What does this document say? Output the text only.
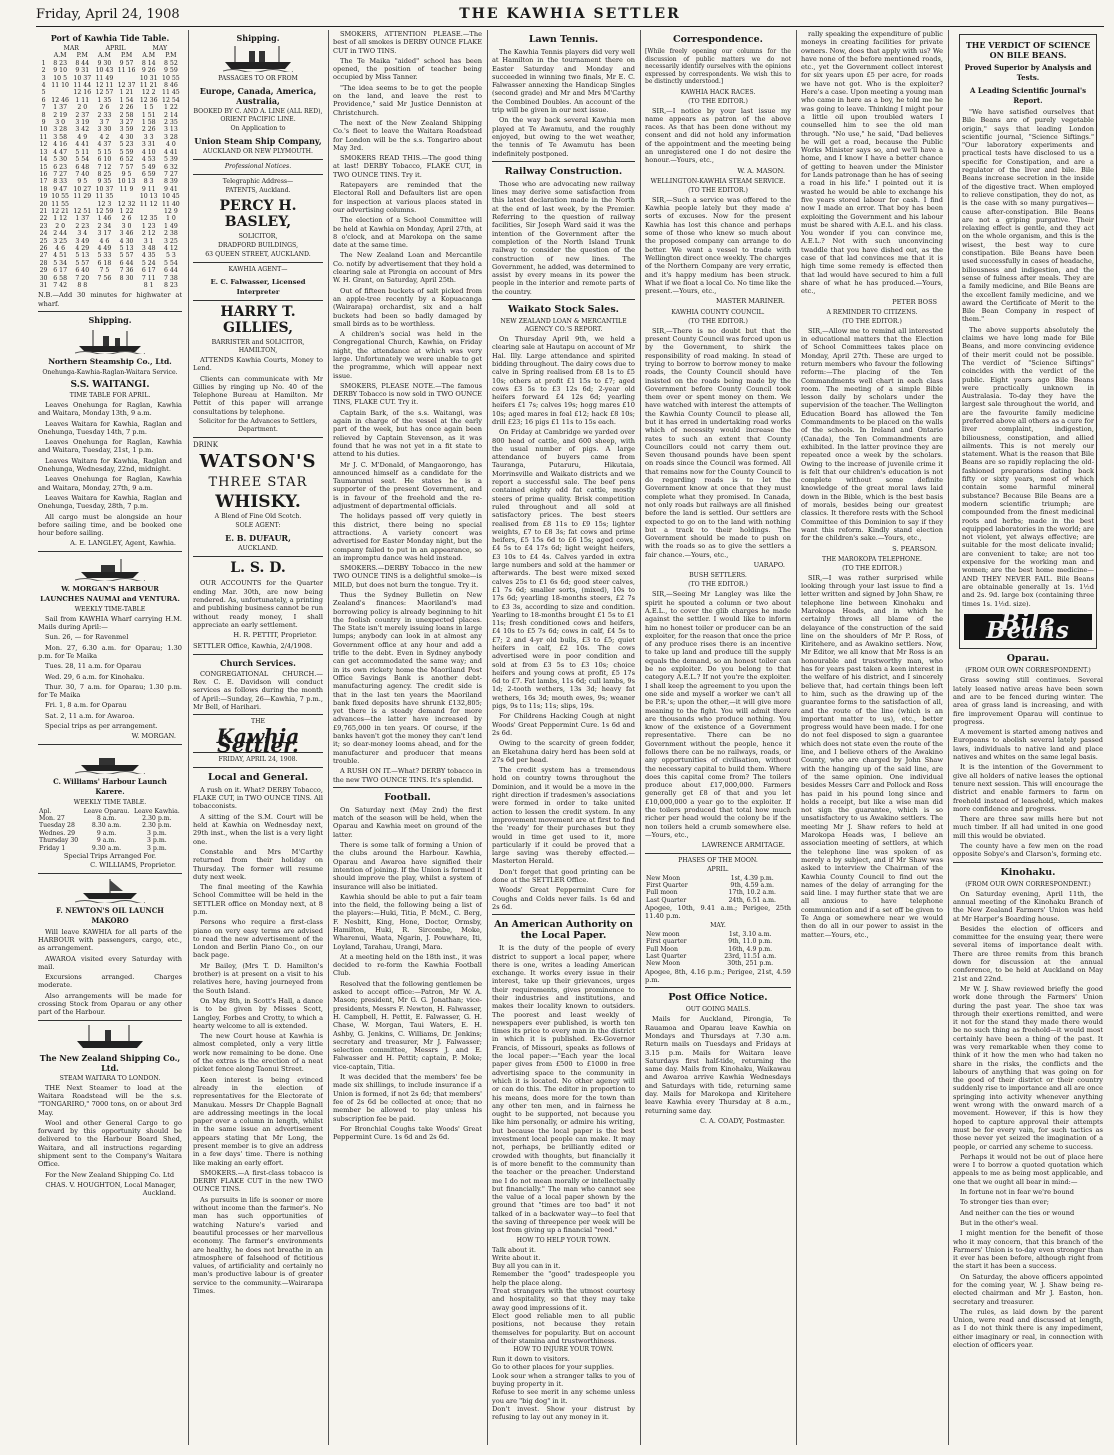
Friday, April 24, 1908	THE KAWHIA SETTLER
Port of Kawhia Tide Table.
	MAR		APRIL		MAY	
	A.M	P.M	A.M	P.M	A.M	P.M
1	8 23	8 44	9 30	9 57	8 14	8 52
2	9 10	9 31	10 43	11 16	9 26	9 59
3	10 5	10 37	11 49		10 31	10 55
4	11 10	11 44	12 11	12 37	11 21	8 46
5		12 16	12 57	1 21	12 2	11 45
6	12 46	1 11	1 35	1 54	12 36	12 54
7	1 37	2 0	2 6	2 26	1 5	1 22
8	2 19	2 37	2 33	2 58	1 51	2 14
9	3 0	3 19	3 7	3 27	1 58	2 35
10	3 28	3 42	3 30	3 59	2 26	3 13
11	3 58	4 9	4 2	4 30	3 3	3 28
12	4 16	4 41	4 37	5 23	3 31	4 0
13	4 47	5 11	5 15	5 59	4 10	4 41
14	5 30	5 54	6 10	6 52	4 53	5 39
15	6 23	6 48	7 12	7 57	5 49	6 32
16	7 27	7 40	8 25	9 5	6 59	7 27
17	8 33	9 5	9 35	10 13	8 3	8 39
18	9 47	10 27	10 37	11 9	9 11	9 41
19	10 55	11 29	11 35		10 13	10 45
20	11 55		12 3	12 32	11 12	11 40
21	12 21	12 51	12 59	1 22		12 9
22	1 12	1 37	1 46	2 6	12 35	1 0
23	2 0	2 23	2 34	3 0	1 23	1 49
24	2 44	3 4	3 17	3 46	2 12	2 38
25	3 25	3 49	4 6	4 30	3 1	3 25
26	4 6	4 29	4 49	5 13	3 48	4 12
27	4 51	5 13	5 33	5 57	4 35	5 3
28	5 34	5 57	6 18	6 44	5 24	5 54
29	6 17	6 40	7 5	7 36	6 17	6 44
30	6 58	7 20	7 56	8 30	7 11	7 38
31	7 42	8 8			8 1	8 23
N.B.—Add 30 minutes for highwater at wharf.
Shipping.
Northern Steamship Co., Ltd.
Onehunga-Kawhia-Raglan-Waitara Service.
S.S. WAITANGI.
TIME TABLE FOR APRIL.

Leaves Onehunga for Raglan, Kawhia and Waitara, Monday 13th, 9 a.m.

Leaves Waitara for Kawhia, Raglan and Onehunga, Tuesday 14th, 7 p.m.

Leaves Onehunga for Raglan, Kawhia and Waitara, Tuesday, 21st, 1 p.m.

Leaves Waitara for Kawhia, Raglan and Onehunga, Wednesday, 22nd, midnight.

Leaves Onehunga for Raglan, Kawhia and Waitara, Monday, 27th, 9 a.m.

Leaves Waitara for Kawhia, Raglan and Onehunga, Tuesday, 28th, 7 p.m.

All cargo must be alongside an hour before sailing time, and be booked one hour before sailing.

A. E. LANGLEY, Agent, Kawhia.
W. MORGAN'S HARBOUR LAUNCHES NAUMAI and VENTURA.
WEEKLY TIME-TABLE

Sail from KAWHIA Wharf carrying H.M. Mails during April:—

Sun. 26, — for Ravenmel

Mon. 27, 6.30 a.m. for Oparau; 1.30 p.m. for Te Maika

Tues. 28, 11 a.m. for Oparau

Wed. 29, 6 a.m. for Kinohaku.

Thur. 30, 7 a.m. for Oparau; 1.30 p.m. for Te Maika

Fri. 1, 8 a.m. for Oparau

Sat. 2, 11 a.m. for Awaroa.

Special trips as per arrangement.

W. MORGAN.
C. Williams' Harbour Launch Karere.
WEEKLY TIME TABLE.
Apl.	Leave Oparau.	Leave Kawhia.
Mon. 27	8 a.m.	2.30 p.m.
Tuesday 28	8.30 a.m.	2.30 p.m.
Wednes. 29	9 a.m.	3 p.m.
Thursday 30	9 a.m.	3 p.m.
Friday 1	9.30 a.m.	3 p.m.
Special Trips Arranged For.
C. WILLIAMS, Proprietor.
F. NEWTON'S OIL LAUNCH MAKORO

Will leave KAWHIA for all parts of the HARBOUR with passengers, cargo, etc., as arrangement.

AWAROA visited every Saturday with mail.

Excursions arranged. Charges moderate.

Also arrangements will be made for crossing Stock from Oparau or any other part of the Harbour.

The New Zealand Shipping Co., Ltd.
STEAM WAITARA TO LONDON.

THE Next Steamer to load at the Waitara Roadstead will be the s.s. "TONGARIRO," 7000 tons, on or about 3rd May.

Wool and other General Cargo to go forward by this opportunity should be delivered to the Harbour Board Shed, Waitara, and all instructions regarding shipment sent to the Company's Waitara Office.

For the New Zealand Shipping Co. Ltd

CHAS. V. HOUGHTON, Local Manager, Auckland.
Shipping.
PASSAGES TO OR FROM
Europe, Canada, America, Australia,
BOOKED BY C. AND A. LINE (ALL RED), ORIENT PACIFIC LINE.
On Application to
Union Steam Ship Company,
AUCKLAND OR NEW PLYMOUTH.
Professional Notices.
Telegraphic Address—
PATENTS, Auckland.
PERCY H. BASLEY,
SOLICITOR,
DRADFORD BUILDINGS,
63 QUEEN STREET, AUCKLAND.
KAWHIA AGENT—
E. C. Falwasser, Licensed Interpreter
HARRY T. GILLIES,
BARRISTER and SOLICITOR, HAMILTON,

ATTENDS Kawhia Courts, Money to Lend.

Clients can communicate with Mr Gillies by ringing up No. 40 of the Telephone Bureau at Hamilton. Mr Pettit of this paper will arrange consultations by telephone.

Solicitor for the Advances to Settlers, Department.
DRINK
WATSON'S
THREE STAR
WHISKY.
A Blend of Fine Old Scotch.
SOLE AGENT:
E. B. DUFAUR,
AUCKLAND.
L. S. D.

OUR ACCOUNTS for the Quarter ending Mar. 30th, are now being rendered. As, unfortunately, a printing and publishing business cannot be run without ready money, I shall appreciate an early settlement.

H. R. PETTIT, Proprietor.
SETTLER Office, Kawhia, 2/4/1908.
Church Services.

CONGREGATIONAL CHURCH.—Rev. C. E. Davidson will conduct services as follows during the month of April:—Sunday, 26—Kawhia, 7 p.m., Mr Bell, of Harihari.

THE
Kawhia Settler.
FRIDAY, APRIL 24, 1908.
Local and General.

A rush on it. What? DERBY Tobacco, FLAKE CUT, in TWO OUNCE TINS. All tobacconists.

A sitting of the S.M. Court will be held at Kawhia on Wednesday next, 29th inst., when the list is a very light one.

Constable and Mrs M'Carthy returned from their holiday on Thursday. The former will resume duty next week.

The final meeting of the Kawhia School Committee will be held in the SETTLER office on Monday next, at 8 p.m.

Persons who require a first-class piano on very easy terms are advised to read the new advertisement of the London and Berlin Piano Co., on our back page.

Mr Bailey, (Mrs T. D. Hamilton's brother) is at present on a visit to his relatives here, having journeyed from the South Island.

On May 8th, in Scott's Hall, a dance is to be given by Misses Scott, Langley, Forbes and Crotty, to which a hearty welcome to all is extended.

The new Court house at Kawhia is almost completed, only a very little work now remaining to be done. One of the extras is the erection of a neat picket fence along Taonui Street.

Keen interest is being evinced already in the election of representatives for the Electorate of Manukau. Messrs Dr Chapple Bagnall are addressing meetings in the local paper over a column in length, whilst in the same issue an advertisement appears stating that Mr Long, the present member is to give an address in a few days' time. There is nothing like making an early effort.

SMOKERS.—A first-class tobacco is DERBY FLAKE CUT in the new TWO OUNCE TINS.

As pursuits in life is sooner or more without income than the farmer's. No man has such opportunities of watching Nature's varied and beautiful processes or her marvellous economy. The farmer's environments are healthy, he does not breathe in an atmosphere of falsehood of fictitious values, of artificiality and certainly no man's productive labour is of greater service to the community.—Wairarapa Times.

SMOKERS, ATTENTION PLEASE.—The best of all smokes is DERBY OUNCE FLAKE CUT in TWO TINS.

The Te Maika "aided" school has been opened, the position of teacher being occupied by Miss Tanner.

"The idea seems to be to get the people on the land, and leave the rest to Providence," said Mr Justice Denniston at Christchurch.

The next of the New Zealand Shipping Co.'s fleet to leave the Waitara Roadstead for London will be the s.s. Tongariro about May 3rd.

SMOKERS READ THIS.—The good thing at last! DERBY Tobacco, FLAKE CUT, in TWO OUNCE TINS. Try it.

Ratepayers are reminded that the Electoral Roll and Defaulters list are open for inspection at various places stated in our advertising columns.

The election of a School Committee will be held at Kawhia on Monday, April 27th, at 8 o'clock, and at Marokopa on the same date at the same time.

The New Zealand Loan and Mercantile Co. notify by advertisement that they hold a clearing sale at Pirongia on account of Mrs W. H. Grant, on Saturday, April 25th.

Out of fifteen buckets of salt picked from an apple-tree recently by a Kopuacanga (Wairarapa) orchardist, six and a half buckets had been so badly damaged by small birds as to be worthless.

A children's social was held in the Congregational Church, Kawhia, on Friday night, the attendance at which was very large. Unfortunately we were unable to get the programme, which will appear next issue.

SMOKERS, PLEASE NOTE.—The famous DERBY Tobacco is now sold in TWO OUNCE TINS, FLAKE CUT. Try it.

Captain Bark, of the s.s. Waitangi, was again in charge of the vessel at the early part of the week, but has once again been relieved by Captain Stevenson, as it was found that he was not yet in a fit state to attend to his duties.

Mr J. C. M'Donald, of Mangaorongo, has announced himself as a candidate for the Taumarunui seat. He states he is a supporter of the present Government, and is in favour of the freehold and the re-adjustment of departmental officials.

The holidays passed off very quietly in this district, there being no special attractions. A variety concert was advertised for Easter Monday night, but the company failed to put in an appearance, so an impromptu dance was held instead.

SMOKERS.—DERBY Tobacco in the new TWO OUNCE TINS is a delightful smoke—is MILD, but does not burn the tongue. Try it.

Thus the Sydney Bulletin on New Zealand's finances: Maoriland's mad borrowing policy is already beginning to hit the foolish country in unexpected places. The State isn't merely issuing loans in large lumps; anybody can look in at almost any Government office at any hour and add a trifle to the debt. Even in Sydney anybody can get accommodated the same way; and in its own rickety home the Maoriland Post Office Savings Bank is another debt-manufacturing agency. The credit side is that in the last ten years the Maoriland bank fixed deposits have shrunk £132,805; yet there is a steady demand for more advances—the latter have increased by £9,765,000 in ten years. Of course, if the banks haven't got the money they can't lend it; so dear-money looms ahead, and for the manufacturer and producer that means trouble.

A RUSH ON IT.—What? DERBY tobacco in the new TWO OUNCE TINS. It's splendid.

Football.

On Saturday next (May 2nd) the first match of the season will be held, when the Oparau and Kawhia meet on ground of the latter.

There is some talk of forming a Union of the clubs around the Harbour. Kawhia, Oparau and Awaroa have signified their intention of joining. If the Union is formed it should improve the play, whilst a system of insurance will also be initiated.

Kawhia should be able to put a fair team into the field, the following being a list of the players:—Huki, Titia, P. McM., C. Berg, F. Nesbitt, King, Hone, Doctor, Ormsby, Hamilton, Huki, R. Sircombe, Moke, Wharenui, Waata, Ngarin, J. Pouwhare, Iti, Loyland, Tarahau, Urangi, Mara.

At a meeting held on the 18th inst., it was decided to re-form the Kawhia Football Club.

Resolved that the following gentlemen be asked to accept office:—Patron, Mr W. A. Mason; president, Mr G. G. Jonathan; vice-presidents, Messrs F. Newton, H. Falwasser, H. Campbell, H. Pettit, E. Falwasser, G. H. Chase, W. Morgan, Taui Waters, E. H. Ashby, G. Jenkins, C. Williams, Dr. Jenkins; secretary and treasurer, Mr J. Falwasser; selection committee, Messrs J. and E. Falwasser and H. Pettit; captain, P. Moke; vice-captain, Titia.

It was decided that the members' fee be made six shillings, to include insurance if a Union is formed, if not 2s 6d; that members' fee of 2s 6d be collected at once; that no member be allowed to play unless his subscription fee be paid.

For Bronchial Coughs take Woods' Great Peppermint Cure. 1s 6d and 2s 6d.

Lawn Tennis.

The Kawhia Tennis players did very well at Hamilton in the tournament there on Easter Saturday and Monday and succeeded in winning two finals, Mr E. C. Falwasser annexing the Handicap Singles (second grade) and Mr and Mrs M'Carthy the Combined Doubles. An account of the trip will be given in our next issue.

On the way back several Kawhia men played at Te Awamutu, and the roughly enjoyed, but owing to the wet weather, the tennis of Te Awamutu has been indefinitely postponed.

Railway Construction.

Those who are advocating new railway lines may derive some satisfaction from this latest declaration made in the North at the end of last week, by the Premier. Referring to the question of railway facilities, Sir Joseph Ward said it was the intention of the Government after the completion of the North Island Trunk railway to consider the question of the construction of new lines. The Government, he added, was determined to assist by every means in its power the people in the interior and remote parts of the country.

Waikato Stock Sales.
NEW ZEALAND LOAN & MERCANTILE AGENCY CO.'S REPORT.

On Thursday April 9th, we held a clearing sale at Hautapu on account of Mr Hal. Illy. Large attendance and spirited bidding throughout. The dairy cows due to calve in Spring realised from £8 1s to £5 10s; others at profit £1 15s to £7; aged cows £3 5s to £3 12s 6d; 2-year old heifers forward £4 12s 6d; yearling heifers £1 7s; calves 19s; hogg mares £10 10s; aged mares in foal £12; hack £8 10s; drill £23; 16 pigs £1 11s to 15s each.

On Friday at Cambridge we yarded over 800 head of cattle, and 600 sheep, with the usual number of pigs. A large attendance of buyers came from Tauranga, Putaruru, Hikutaia, Morrinsville and Waikato districts and we report a successful sale. The beef pens contained eighty odd fat cattle, mostly steers of prime quality. Brisk competition ruled throughout and all sold at satisfactory prices. The best steers realised from £8 11s to £9 15s; lighter weights, £7 to £8 3s; fat cows and prime heifers, £5 15s 6d to £6 15s; aged cows, £4 5s to £4 17s 6d; light weight heifers, £3 10s to £4 4s. Calves yarded in extra large numbers and sold at the hammer or afterwards. The best were mixed sexed calves 25s to £1 6s 6d; good steer calves, £1 7s 6d; smaller sorts, (mixed), 10s to 17s 6d; yearling 18-months steers, £2 7s to £3 3s, according to size and condition. Yearling to 18-months brought £1 5s to £1 11s; fresh conditioned cows and heifers, £4 10s to £5 7s 6d; cows in calf, £4 5s to £7; 2 and 4-yr old bulls, £3 to £5; quiet heifers in calf, £2 10s. The cows advertised were in poor condition and sold at from £3 5s to £3 10s; choice heifers and young cows at profit, £5 17s 6d to £7. Fat lambs, 11s 6d; cull lambs, 9s 1d; 2-tooth wethers, 13s 3d; heavy fat wethers, 16s 3d; mouth ewes, 9s; weaner pigs, 9s to 11s; 11s; slips, 19s.

For Childrens Hacking Cough at night Woods' Great Peppermint Cure. 1s 6d and 2s 6d.

Owing to the scarcity of green fodder, an Eketahuna dairy herd has been sold at 27s 6d per head.

The credit system has a tremendous hold on country towns throughout the Dominion, and it would be a move in the right direction if tradesmen's associations were formed in order to take united action to lessen the credit system. In any improvement movement are at first to find the 'ready' for their purchases but they would in time get used to it, more particularly if it could be proved that a large saving was thereby effected.—Masterton Herald.

Don't forget that good printing can be done at the SETTLER Office.

Woods' Great Peppermint Cure for Coughs and Colds never fails. 1s 6d and 2s 6d.

An American Authority on the Local Paper.

It is the duty of the people of every district to support a local paper, where there is one, writes a leading American exchange. It works every issue in their interest, take up their grievances, urges their requirements, gives prominence to their industries and institutions, and makes their locality known to outsiders. The poorest and least weekly of newspapers ever published, is worth ten times its price to every man in the district in which it is published. Ex-Governor Francis, of Missouri, speaks as follows of the local paper:—"Each year the local paper gives from £500 to £1000 in free advertising space to the community in which it is located. No other agency will or can do this. The editor in proportion to his means, does more for the town than any other ten men, and in fairness he ought to be supported, not because you like him personally, or admire his writing, but because the local paper is the best investment local people can make. It may not, perhaps, be brilliantly edited or crowded with thoughts, but financially it is of more benefit to the community than the teacher or the preacher. Understand me I do not mean morally or intellectually but financially." The man who cannot see the value of a local paper shown by the ground that "times are too bad" it not talked of in a backwater way—to feel that the saving of threepence per week will be lost from giving up a financial "reed."

HOW TO HELP YOUR TOWN.
Talk about it.
Write about it.
Buy all you can in it.
Remember the "good" tradespeople you help the place along.
Treat strangers with the utmost courtesy and hospitality, so that they may take away good impressions of it.
Elect good reliable men to all public positions, not because they retain themselves for popularity. But on account of their stamina and trustworthiness.
HOW TO INJURE YOUR TOWN.
Run it down to visitors.
Go to other places for your supplies.
Look sour when a stranger talks to you of buying property in it.
Refuse to see merit in any scheme unless you are "big dog" in it.
Don't invest. Show your distrust by refusing to lay out any money in it.
Correspondence.
[While freely opening our columns for the discussion of public matters we do not necessarily identify ourselves with the opinions expressed by correspondents. We wish this to be distinctly understood.]
KAWHIA HACK RACES.
(TO THE EDITOR.)

SIR,—I notice by your last issue my name appears as patron of the above races. As that has been done without my consent and did not hold any information of the appointment and the meeting being an unregistered one I do not desire the honour.—Yours, etc.,

W. A. MASON.
WELLINGTON-KAWHIA STEAM SERVICE.
(TO THE EDITOR.)

SIR,—Such a service was offered to the Kawhia people lately but they made a' sorts of excuses. Now for the present Kawhia has lost this chance and perhaps some of those who knew so much about the proposed company can arrange to do better. We want a vessel to trade with Wellington direct once weekly. The charges of the Northern Company are very erratic, and it's happy medium has been struck. What if we float a local Co. No time like the present.—Yours, etc.,

MASTER MARINER.
KAWHIA COUNTY COUNCIL.
(TO THE EDITOR.)

SIR,—There is no doubt but that the present County Council was forced upon us by the Government, to shirk the responsibility of road making. In stead of trying to borrow to borrow money to make roads, the County Council should have insisted on the roads being made by the Government before County Council took them over or spent money on them. We have watched with interest the attempts of the Kawhia County Council to please all, but it has erred in undertaking road works which of necessity would increase the rates to such an extent that County Councillors could not carry them out. Seven thousand pounds have been spent on roads since the Council was formed. All that remains now for the County Council to do regarding roads is to let the Government know at once that they must complete what they promised. In Canada, not only roads but railways are all finished before the land is settled. Our settlers are expected to go on to the land with nothing but a track to their holdings. The Government should be made to push on with the roads so as to give the settlers a fair chance.—Yours, etc.,

UARAPO.
BUSH SETTLERS.
(TO THE EDITOR.)

SIR,—Seeing Mr Langley was like the spirit he spouted a column or two about A.E.L., to cover the glib charges he made against the settler. I would like to inform him no honest toiler or producer can be an exploiter, for the reason that once the price of any produce rises there is an incentive to take up land and produce till the supply equals the demand, so an honest toiler can be no exploiter. Do you belong to that category A.E.L.? If not you're the exploiter. I shall keep the agreement to you upon the one side and myself a worker we can't all be P.R.'s; upon the other,—it will give more meaning to the fight. You will admit there are thousands who produce nothing. You know of the existence of a Government representative. There can be no Government without the people, hence it follows there can be no railways, roads, or any opportunities of civilisation, without the necessary capital to build them. Where does this capital come from? The toilers produce about £17,000,000. Farmers generally get £8 of that and you let £10,000,000 a year go to the exploiter. If the toilers produced that total how much richer per head would the colony be if the non toilers held a crumb somewhere else.—Yours, etc.,

LAWRENCE ARMITAGE.
PHASES OF THE MOON.
APRIL.
New Moon	1st, 4.39 p.m.
First Quarter	9th, 4.59 a.m.
Full moon	17th, 10.2 a.m.
Last Quarter	24th, 6.51 a.m.
Apogee, 10th, 9.41 a.m.; Perigee, 25th 11.40 p.m.
MAY.
New moon	1st, 3.10 a.m.
First quarter	9th, 11.0 p.m.
Full Moon	16th, 4.9 p.m.
Last Quarter	23rd, 11.51 a.m.
New Moon	30th, 251 p.m.
Apogee, 8th, 4.16 p.m.; Perigee, 21st, 4.59 p.m.
Post Office Notice.
OUT GOING MAILS.

Mails for Auckland, Pirongia, Te Rauamoa and Oparau leave Kawhia on Mondays and Thursdays at 7.30 a.m. Return mails on Tuesdays and Fridays at 3.15 p.m. Mails for Waitara leave Saturdays first half-tide, returning the same day. Mails from Kinohaku, Waikawau and Awaroa arrive Kawhia Wednesdays and Saturdays with tide, returning same day. Mails for Marokopa and Kiritehere leave Kawhia every Thursday at 8 a.m., returning same day.

C. A. COADY, Postmaster.

rally speaking the expenditure of public moneys in creating facilities for private owners. Now, does that apply with us? We have none of the before mentioned roads, etc., yet the Government collect interest for six years upon £5 per acre, for roads we have not got. Who is the exploiter? Here's a case. Upon meeting a young man who came in here as a boy, he told me he was going to leave. Thinking I might pour a little oil upon troubled waters I counselled him to see the old man through. "No use," he said, "Dad believes he will get a road, because the Public Works Minister says so, and we'll have a home, and I know I have a better chance of getting to heaven under the Minister for Lands patronage than he has of seeing a road in his life." I pointed out it is wasted he would be able to exchange his five years stored labour for cash. I find now I made an error. That boy has been exploiting the Government and his labour must be shared with A.E.L. and his class. You wonder if you can convince me, A.E.L.? Not with such unconvincing twaddle that you have dished out, as the case of that lad convinces me that it is high time some remedy is effected then that lad would have secured to him a full share of what he has produced.—Yours, etc.,

PETER BOSS
A REMINDER TO CITIZENS.
(TO THE EDITOR.)

SIR,—Allow me to remind all interested in educational matters that the Election of School Committees takes place on Monday, April 27th. These are urged to return members who favour the following reform:—The placing of the Ten Commandments well chart in each class room. The meeting of a simple Bible lesson daily by scholars under the supervision of the teacher. The Wellington Education Board has allowed the Ten Commandments to be placed on the walls of the schools. In Ireland and Ontario (Canada), the Ten Commandments are exhibited. In the latter province they are repeated once a week by the scholars. Owing to the increase of juvenile crime it is felt that our children's education is not complete without some definite knowledge of the great moral laws laid down in the Bible, which is the best basis of morals, besides being our greatest classics. It therefore rests with the School Committee of this Dominion to say if they want this reform. Kindly stand election for the children's sake.—Yours, etc.,

S. PEARSON.
THE MAROKOPA TELEPHONE.
(TO THE EDITOR.)

SIR,—I was rather surprised while looking through your last issue to find a letter written and signed by John Shaw, re telephone line between Kinohaku and Marokopa Heads, and in which he certainly throws all blame of the delayance of the construction of the said line on the shoulders of Mr P. Ross, of Kiritehere, and as Awakino settlers. Now, Mr Editor, we all know that Mr Ross is an honourable and trustworthy man, who has for years past taken a keen interest in the welfare of his district, and I sincerely believe that, had certain things been left to him, such as the drawing up of the guarantee forms to the satisfaction of all, and the route of the line (which is an important matter to us), etc., better progress would have been made. I for one do not feel disposed to sign a guarantee which does not state even the route of the line, and I believe others of the Awakino County, who are charged by John Shaw with the hanging up of the said line, are of the same opinion. One individual besides Messrs Carr and Pollock and Ross has paid in his pound long since and holds a receipt, but like a wise man did not sign the guarantee, which is so unsatisfactory to us Awakino settlers. The meeting Mr J. Shaw refers to held at Marokopa Heads was, I believe an association meeting of settlers, at which the telephone line was spoken of as merely a by subject, and if Mr Shaw was asked to interview the Chairman of the Kawhia County Council to find out the names of the delay of arranging for the said line. I may further state that we are all anxious to have telephone communication and if a set off be given to Te Anga or somewhere near we would then do all in our power to assist in the matter.—Yours, etc.,

THE VERDICT OF SCIENCE ON BILE BEANS.
Proved Superior by Analysis and Tests.
A Leading Scientific Journal's Report.

"We have satisfied ourselves that Bile Beans are of purely vegetable origin," says that leading London scientific journal, "Science Siftings." "Our laboratory experiments and practical tests have disclosed to us a specific for Constipation, and are a regulator of the liver and bile. Bile Beans increase secretion in the inside of the digestive tract. When employed to relieve constipation, they do not, as is the case with so many purgatives—cause after-constipation. Bile Beans are not a griping purgative. Their relaxing effect is gentle, and they act on the whole organism, and this is the wisest, the best way to cure constipation. Bile Beans have been used successfully in cases of headache, biliousness and indigestion, and the sense of fulness after meals. They are a family medicine, and Bile Beans are the excellent family medicine, and we award the Certificate of Merit to the Bile Bean Company in respect of them."

The above supports absolutely the claims we have long made for Bile Beans, and more convincing evidence of their merit could not be possible. The verdict of "Science Siftings" coincides with the verdict of the public. Eight years ago Bile Beans were practically unknown in Australasia. To-day they have the largest sale throughout the world, and are the favourite family medicine preferred above all others as a cure for liver complaint, indigestion, biliousness, constipation, and allied ailments. This is not merely our statement. What is the reason that Bile Beans are so rapidly replacing the old-fashioned preparations dating back fifty or sixty years, most of which contain some harmful mineral substance? Because Bile Beans are a modern scientific triumph; are compounded from the finest medicinal roots and herbs; made in the best equipped laboratories in the world; are not violent, yet always effective; are suitable for the most delicate invalid; are convenient to take; are not too expensive for the working man and women; are the best home medicine—AND THEY NEVER FAIL. Bile Beans are obtainable generally at 1s. 1½d and 2s. 9d. large box (containing three times 1s. 1½d. size).

Bile Beans
Oparau.
(FROM OUR OWN CORRESPONDENT.)

Grass sowing still continues. Several lately leased native areas have been sown and are to be fenced during winter. The area of grass land is increasing, and with fire improvement Oparau will continue to progress.

A movement is started among natives and Europeans to abolish several lately passed laws, individuals to native land and place natives and whites on the same legal basis.

It is the intention of the Government to give all holders of native leases the optional tenure next session. This will encourage the district and enable farmers to farm on freehold instead of leasehold, which makes more confidence and progress.

There are three saw mills here but not much timber. If all had united in one good mill this would be obviated.

The county have a few men on the road opposite Sobye's and Clarson's, forming etc.

Kinohaku.
(FROM OUR OWN CORRESPONDENT.)

On Saturday evening, April 11th, the annual meeting of the Kinohaku Branch of the New Zealand Farmers' Union was held at Mr Harper's Boarding house.

Besides the election of officers and committee for the ensuing year, there were several items of importance dealt with. There are three remits from this branch down for discussion at the annual conference, to be held at Auckland on May 21st and 22nd.

Mr W. J. Shaw reviewed briefly the good work done through the Farmers' Union during the past year. The shoe tax was through their exertions remitted, and were it not for the stand they made there would be no such thing as freehold—it would most certainly have been a thing of the past. It was very remarkable when they come to think of it how the men who had taken no share in the risks, the conflicts and the labours of anything that was going on for the good of their district or their country suddenly rise to importance and all are once springing into activity whenever anything went wrong with the onward march of a movement. However, if this is how they hoped to capture approval their attempts must be for every vain, for such tactics as those never yet seized the imagination of a people, or carried any scheme to success.

Perhaps it would not be out of place here were I to borrow a quoted quotation which appeals to me as being most applicable, and one that we ought all bear in mind:—

In fortune not in fear we're bound

To stronger ties than ever;

And neither can the ties or wound

But in the other's weal.

I might mention for the benefit of those who it may concern, that this branch of the Farmers' Union is to-day even stronger than it ever has been before, although right from the start it has been a success.

On Saturday, the above officers appointed for the coming year, W. J. Shaw being re-elected chairman and Mr J. Easton, hon. secretary and treasurer.

The rules, as laid down by the parent Union, were read and discussed at length, as I do not think there is any impediment, either imaginary or real, in connection with election of officers year.
